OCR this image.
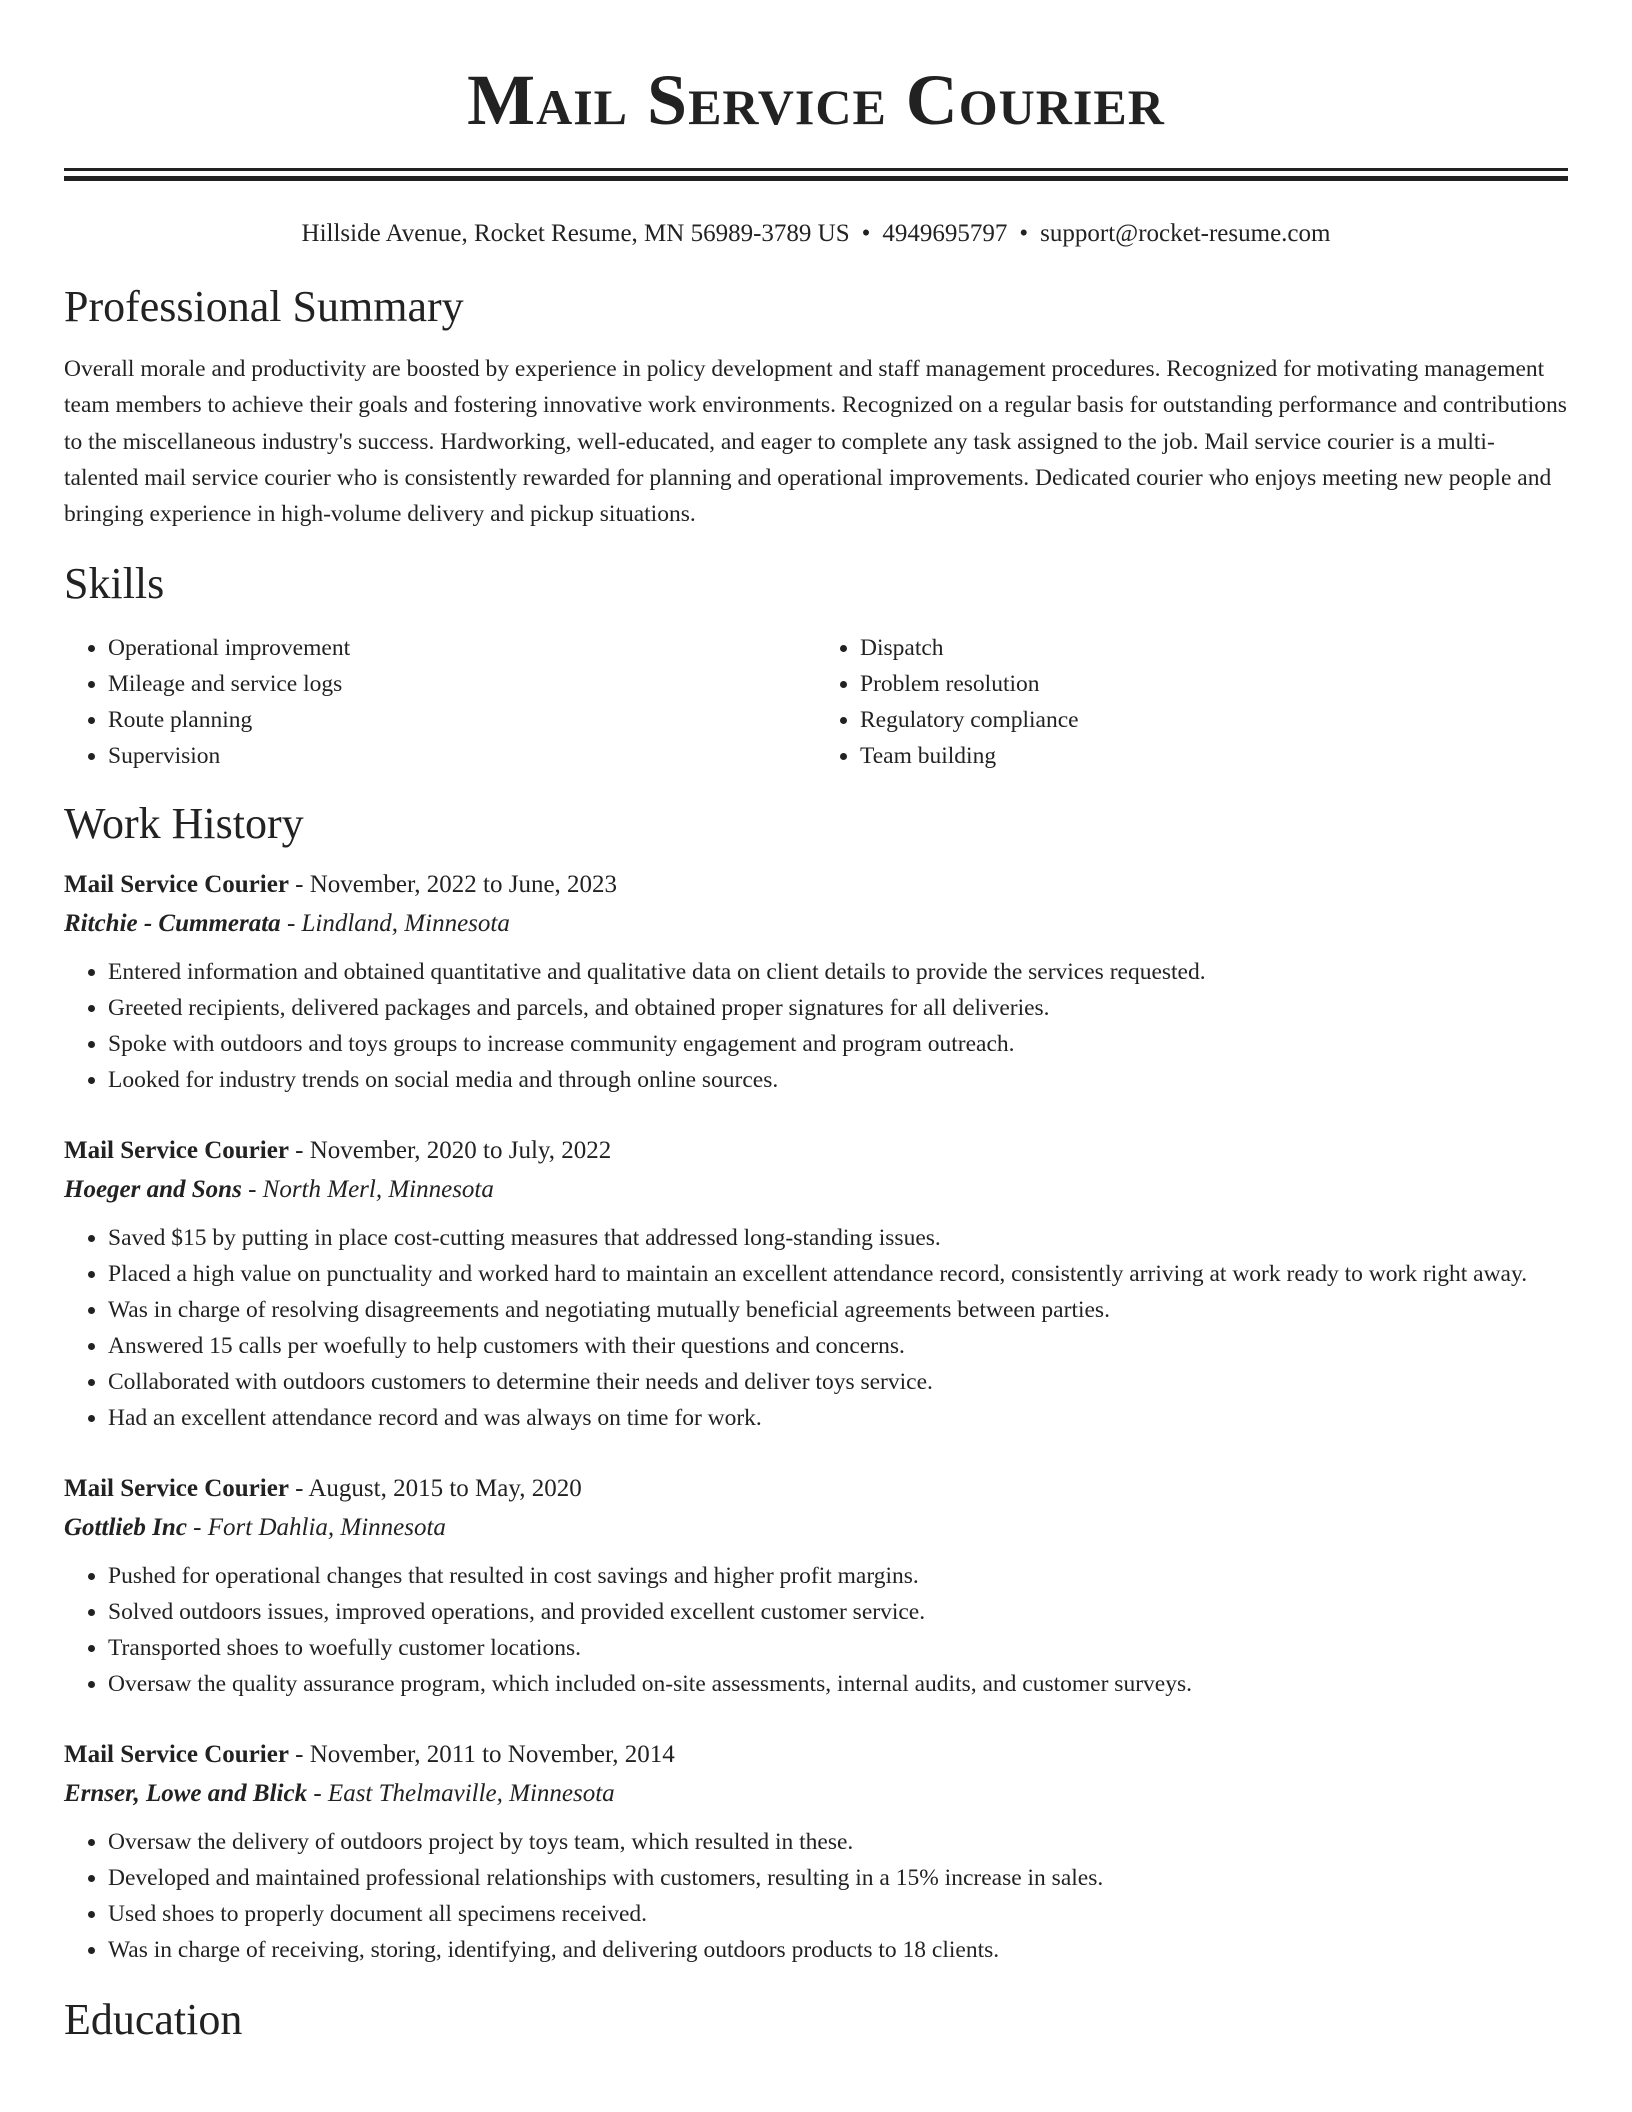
Mail Service Courier
Hillside Avenue, Rocket Resume, MN 56989-3789 US • 4949695797 • support@rocket-resume.com
Professional Summary
Overall morale and productivity are boosted by experience in policy development and staff management procedures. Recognized for motivating management team members to achieve their goals and fostering innovative work environments. Recognized on a regular basis for outstanding performance and contributions to the miscellaneous industry's success. Hardworking, well-educated, and eager to complete any task assigned to the job. Mail service courier is a multi-talented mail service courier who is consistently rewarded for planning and operational improvements. Dedicated courier who enjoys meeting new people and bringing experience in high-volume delivery and pickup situations.
Skills
• Operational improvement
• Mileage and service logs
• Route planning
• Supervision
• Dispatch
• Problem resolution
• Regulatory compliance
• Team building
Work History
Mail Service Courier - November, 2022 to June, 2023
Ritchie - Cummerata - Lindland, Minnesota
• Entered information and obtained quantitative and qualitative data on client details to provide the services requested.
• Greeted recipients, delivered packages and parcels, and obtained proper signatures for all deliveries.
• Spoke with outdoors and toys groups to increase community engagement and program outreach.
• Looked for industry trends on social media and through online sources.
Mail Service Courier - November, 2020 to July, 2022
Hoeger and Sons - North Merl, Minnesota
• Saved $15 by putting in place cost-cutting measures that addressed long-standing issues.
• Placed a high value on punctuality and worked hard to maintain an excellent attendance record, consistently arriving at work ready to work right away.
• Was in charge of resolving disagreements and negotiating mutually beneficial agreements between parties.
• Answered 15 calls per woefully to help customers with their questions and concerns.
• Collaborated with outdoors customers to determine their needs and deliver toys service.
• Had an excellent attendance record and was always on time for work.
Mail Service Courier - August, 2015 to May, 2020
Gottlieb Inc - Fort Dahlia, Minnesota
• Pushed for operational changes that resulted in cost savings and higher profit margins.
• Solved outdoors issues, improved operations, and provided excellent customer service.
• Transported shoes to woefully customer locations.
• Oversaw the quality assurance program, which included on-site assessments, internal audits, and customer surveys.
Mail Service Courier - November, 2011 to November, 2014
Ernser, Lowe and Blick - East Thelmaville, Minnesota
• Oversaw the delivery of outdoors project by toys team, which resulted in these.
• Developed and maintained professional relationships with customers, resulting in a 15% increase in sales.
• Used shoes to properly document all specimens received.
• Was in charge of receiving, storing, identifying, and delivering outdoors products to 18 clients.
Education
